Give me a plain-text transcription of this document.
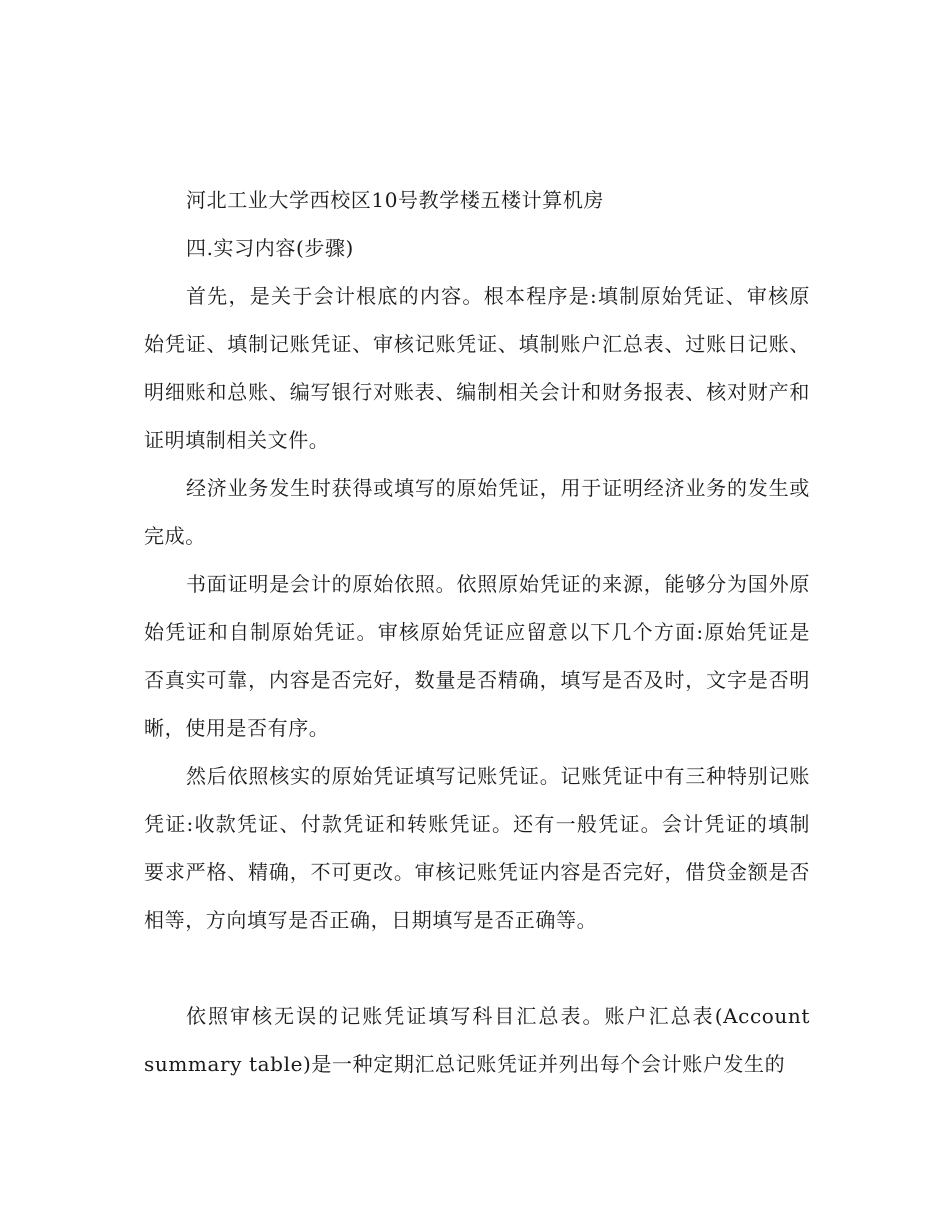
河北工业大学西校区10号教学楼五楼计算机房

四.实习内容(步骤)

首先，是关于会计根底的内容。根本程序是:填制原始凭证、审核原始凭证、填制记账凭证、审核记账凭证、填制账户汇总表、过账日记账、明细账和总账、编写银行对账表、编制相关会计和财务报表、核对财产和证明填制相关文件。

经济业务发生时获得或填写的原始凭证，用于证明经济业务的发生或完成。

书面证明是会计的原始依照。依照原始凭证的来源，能够分为国外原始凭证和自制原始凭证。审核原始凭证应留意以下几个方面:原始凭证是否真实可靠，内容是否完好，数量是否精确，填写是否及时，文字是否明晰，使用是否有序。

然后依照核实的原始凭证填写记账凭证。记账凭证中有三种特别记账凭证:收款凭证、付款凭证和转账凭证。还有一般凭证。会计凭证的填制要求严格、精确，不可更改。审核记账凭证内容是否完好，借贷金额是否相等，方向填写是否正确，日期填写是否正确等。

依照审核无误的记账凭证填写科目汇总表。账户汇总表(Account summary table)是一种定期汇总记账凭证并列出每个会计账户发生的
